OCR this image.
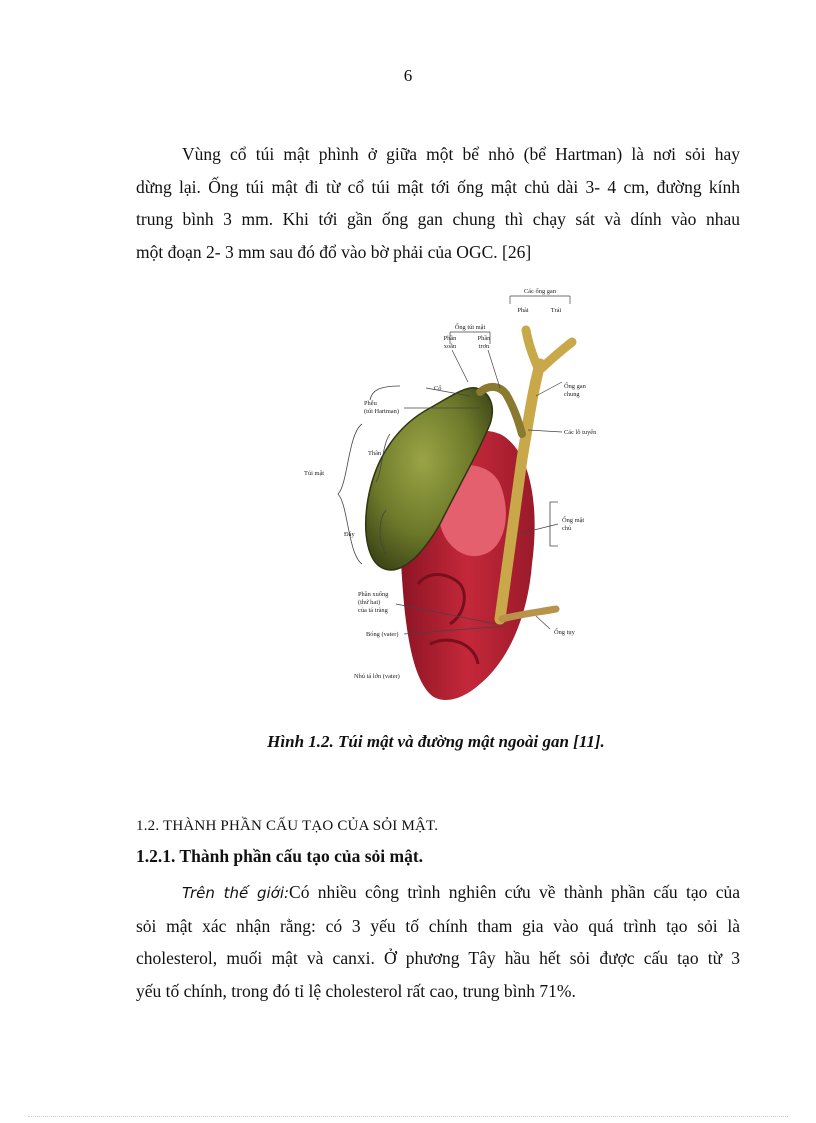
6
Vùng cổ túi mật phình ở giữa một bể nhỏ (bể Hartman) là nơi sỏi hay
dừng lại. Ống túi mật đi từ cổ túi mật tới ống mật chủ dài 3- 4 cm, đường kính
trung bình 3 mm. Khi tới gần ống gan chung thì chạy sát và dính vào nhau
một đoạn 2- 3 mm sau đó đổ vào bờ phải của OGC. [26]
Các ống gan
Phải	Trái
Ống túi mật
Phần
xoắn
Phần
trơn
Cổ
Phễu
(túi Hartman)
Ống gan
chung
Các lỗ tuyến
Thân
Túi mật
Đáy
Ống mật
chủ
Phần xuống
(thứ hai)
của tá tràng
Bóng (vater)	Ống tụy
Nhú tá lớn (vater)
Hình 1.2. Túi mật và đường mật ngoài gan [11].
1.2. THÀNH PHẦN CẤU TẠO CỦA SỎI MẬT.
1.2.1. Thành phần cấu tạo của sỏi mật.
Trên thế giới:Có nhiều công trình nghiên cứu về thành phần cấu tạo của
sỏi mật xác nhận rằng: có 3 yếu tố chính tham gia vào quá trình tạo sỏi là
cholesterol, muối mật và canxi. Ở phương Tây hầu hết sỏi được cấu tạo từ 3
yếu tố chính, trong đó tỉ lệ cholesterol rất cao, trung bình 71%.
